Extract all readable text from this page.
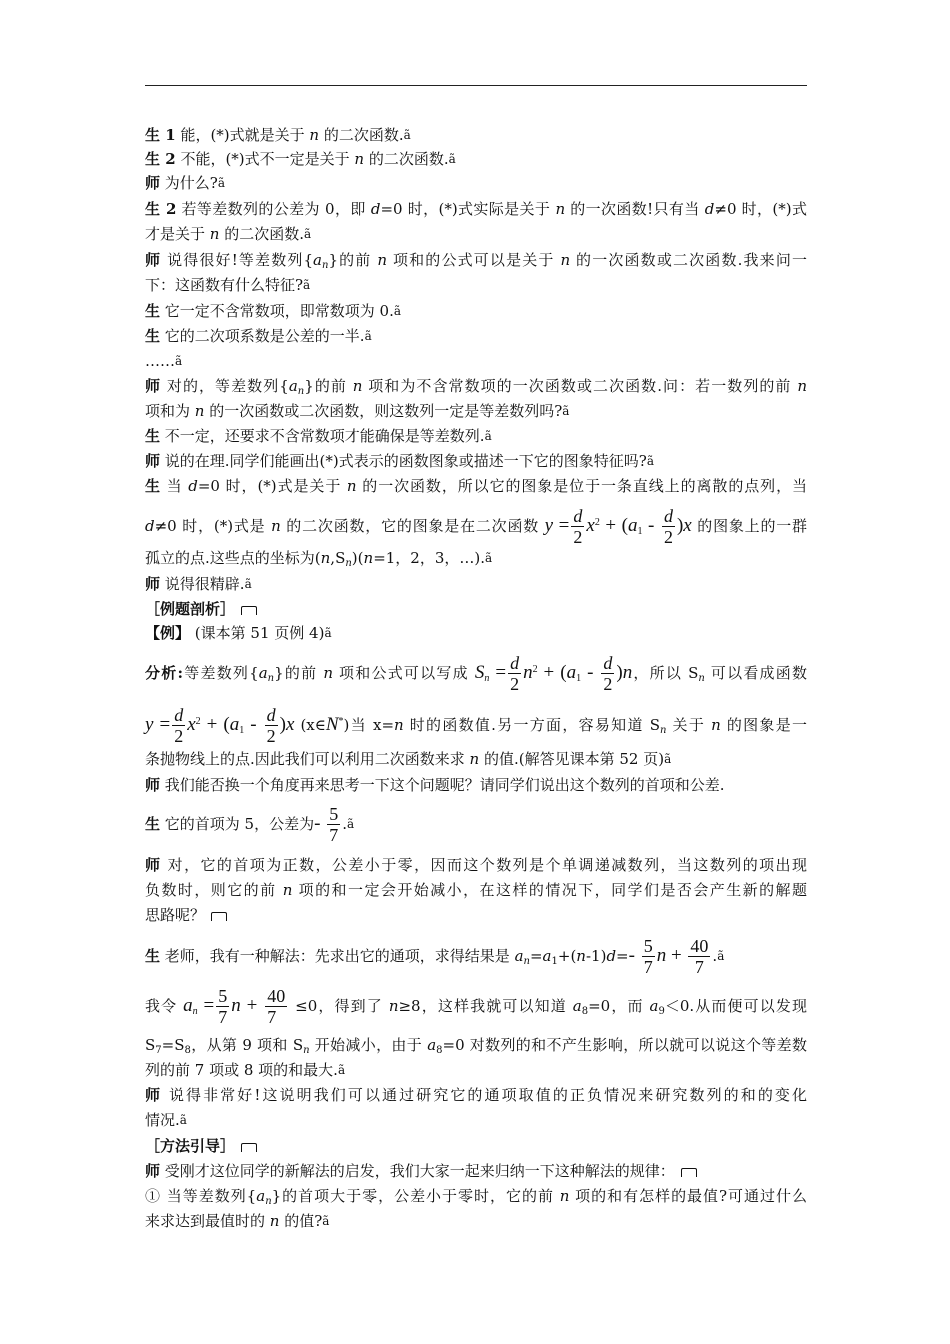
生 1 能，(*)式就是关于 n 的二次函数.ã
生 2 不能，(*)式不一定是关于 n 的二次函数.ã
师 为什么?ã
生 2 若等差数列的公差为 0，即 d=0 时，(*)式实际是关于 n 的一次函数!只有当 d≠0 时，(*)式
才是关于 n 的二次函数.ã
师 说得很好!等差数列$\{a_n\}$的前 n 项和的公式可以是关于 n 的一次函数或二次函数.我来问一
下：这函数有什么特征?ã
生 它一定不含常数项，即常数项为 0.ã
生 它的二次项系数是公差的一半.ã
……ã
师 对的，等差数列$\{a_n\}$的前 n 项和为不含常数项的一次函数或二次函数.问：若一数列的前 n
项和为 n 的一次函数或二次函数，则这数列一定是等差数列吗?ã
生 不一定，还要求不含常数项才能确保是等差数列.ã
师 说的在理.同学们能画出(*)式表示的函数图象或描述一下它的图象特征吗?ã
生 当 d=0 时，(*)式是关于 n 的一次函数，所以它的图象是位于一条直线上的离散的点列，当
d≠0 时，(*)式是 n 的二次函数，它的图象是在二次函数 $y = \frac{d}{2} x^2 + (a_1 - \frac{d}{2} )x$ 的图象上的一群
孤立的点.这些点的坐标为$(n,S_n)(n=1$，2，3，…).ã
师 说得很精辟.ã
［例题剖析］
【例】 (课本第 51 页例 4)ã
分析:等差数列$\{a_n\}$的前 n 项和公式可以写成 $S_n = \frac{d}{2} n^2 + (a_1 - \frac{d}{2} )n$，所以 $S_n$ 可以看成函数
$y = \frac{d}{2} x^2 + (a_1 - \frac{d}{2} )x$ (x∈N*)当 x=n 时的函数值.另一方面，容易知道 $S_n$ 关于 n 的图象是一
条抛物线上的点.因此我们可以利用二次函数来求 n 的值.(解答见课本第 52 页)ã
师 我们能否换一个角度再来思考一下这个问题呢？请同学们说出这个数列的首项和公差.
生 它的首项为 5，公差为- $\frac{5}{7}$ .ã
师 对，它的首项为正数，公差小于零，因而这个数列是个单调递减数列，当这数列的项出现
负数时，则它的前 n 项的和一定会开始减小，在这样的情况下，同学们是否会产生新的解题
思路呢？
生 老师，我有一种解法：先求出它的通项，求得结果是 $a_n=a_1+(n-1)d=- \frac{5}{7}$ $n + \frac{40}{7}$ .ã
我令 $a_n = \frac{5}{7}$ $n + \frac{40}{7} \le 0$，得到了 n≥8，这样我就可以知道 $a_8=0$，而 $a_9<0$.从而便可以发现
$S_7=S_8$，从第 9 项和 $S_n$ 开始减小，由于 $a_8=0$ 对数列的和不产生影响，所以就可以说这个等差数
列的前 7 项或 8 项的和最大.ã
师 说得非常好!这说明我们可以通过研究它的通项取值的正负情况来研究数列的和的变化
情况.ã
［方法引导］
师 受刚才这位同学的新解法的启发，我们大家一起来归纳一下这种解法的规律：
① 当等差数列$\{a_n\}$的首项大于零，公差小于零时，它的前 n 项的和有怎样的最值?可通过什么
来求达到最值时的 n 的值?ã
